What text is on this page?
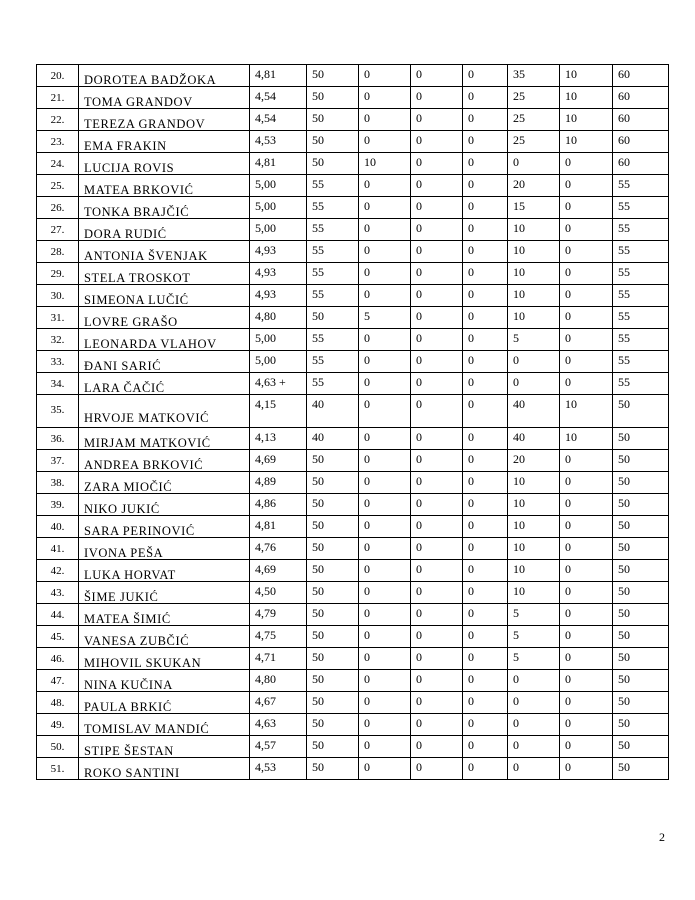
20.	DOROTEA BADŽOKA	4,81	50	0	0	0	35	10	60
21.	TOMA GRANDOV	4,54	50	0	0	0	25	10	60
22.	TEREZA GRANDOV	4,54	50	0	0	0	25	10	60
23.	EMA FRAKIN	4,53	50	0	0	0	25	10	60
24.	LUCIJA ROVIS	4,81	50	10	0	0	0	0	60
25.	MATEA BRKOVIĆ	5,00	55	0	0	0	20	0	55
26.	TONKA BRAJČIĆ	5,00	55	0	0	0	15	0	55
27.	DORA RUDIĆ	5,00	55	0	0	0	10	0	55
28.	ANTONIA ŠVENJAK	4,93	55	0	0	0	10	0	55
29.	STELA TROSKOT	4,93	55	0	0	0	10	0	55
30.	SIMEONA LUČIĆ	4,93	55	0	0	0	10	0	55
31.	LOVRE GRAŠO	4,80	50	5	0	0	10	0	55
32.	LEONARDA VLAHOV	5,00	55	0	0	0	5	0	55
33.	ĐANI SARIĆ	5,00	55	0	0	0	0	0	55
34.	LARA ČAČIĆ	4,63 +	55	0	0	0	0	0	55
35.	HRVOJE MATKOVIĆ	4,15	40	0	0	0	40	10	50
36.	MIRJAM MATKOVIĆ	4,13	40	0	0	0	40	10	50
37.	ANDREA BRKOVIĆ	4,69	50	0	0	0	20	0	50
38.	ZARA MIOČIĆ	4,89	50	0	0	0	10	0	50
39.	NIKO JUKIĆ	4,86	50	0	0	0	10	0	50
40.	SARA PERINOVIĆ	4,81	50	0	0	0	10	0	50
41.	IVONA PEŠA	4,76	50	0	0	0	10	0	50
42.	LUKA HORVAT	4,69	50	0	0	0	10	0	50
43.	ŠIME JUKIĆ	4,50	50	0	0	0	10	0	50
44.	MATEA ŠIMIĆ	4,79	50	0	0	0	5	0	50
45.	VANESA ZUBČIĆ	4,75	50	0	0	0	5	0	50
46.	MIHOVIL SKUKAN	4,71	50	0	0	0	5	0	50
47.	NINA KUČINA	4,80	50	0	0	0	0	0	50
48.	PAULA BRKIĆ	4,67	50	0	0	0	0	0	50
49.	TOMISLAV MANDIĆ	4,63	50	0	0	0	0	0	50
50.	STIPE ŠESTAN	4,57	50	0	0	0	0	0	50
51.	ROKO SANTINI	4,53	50	0	0	0	0	0	50
2
